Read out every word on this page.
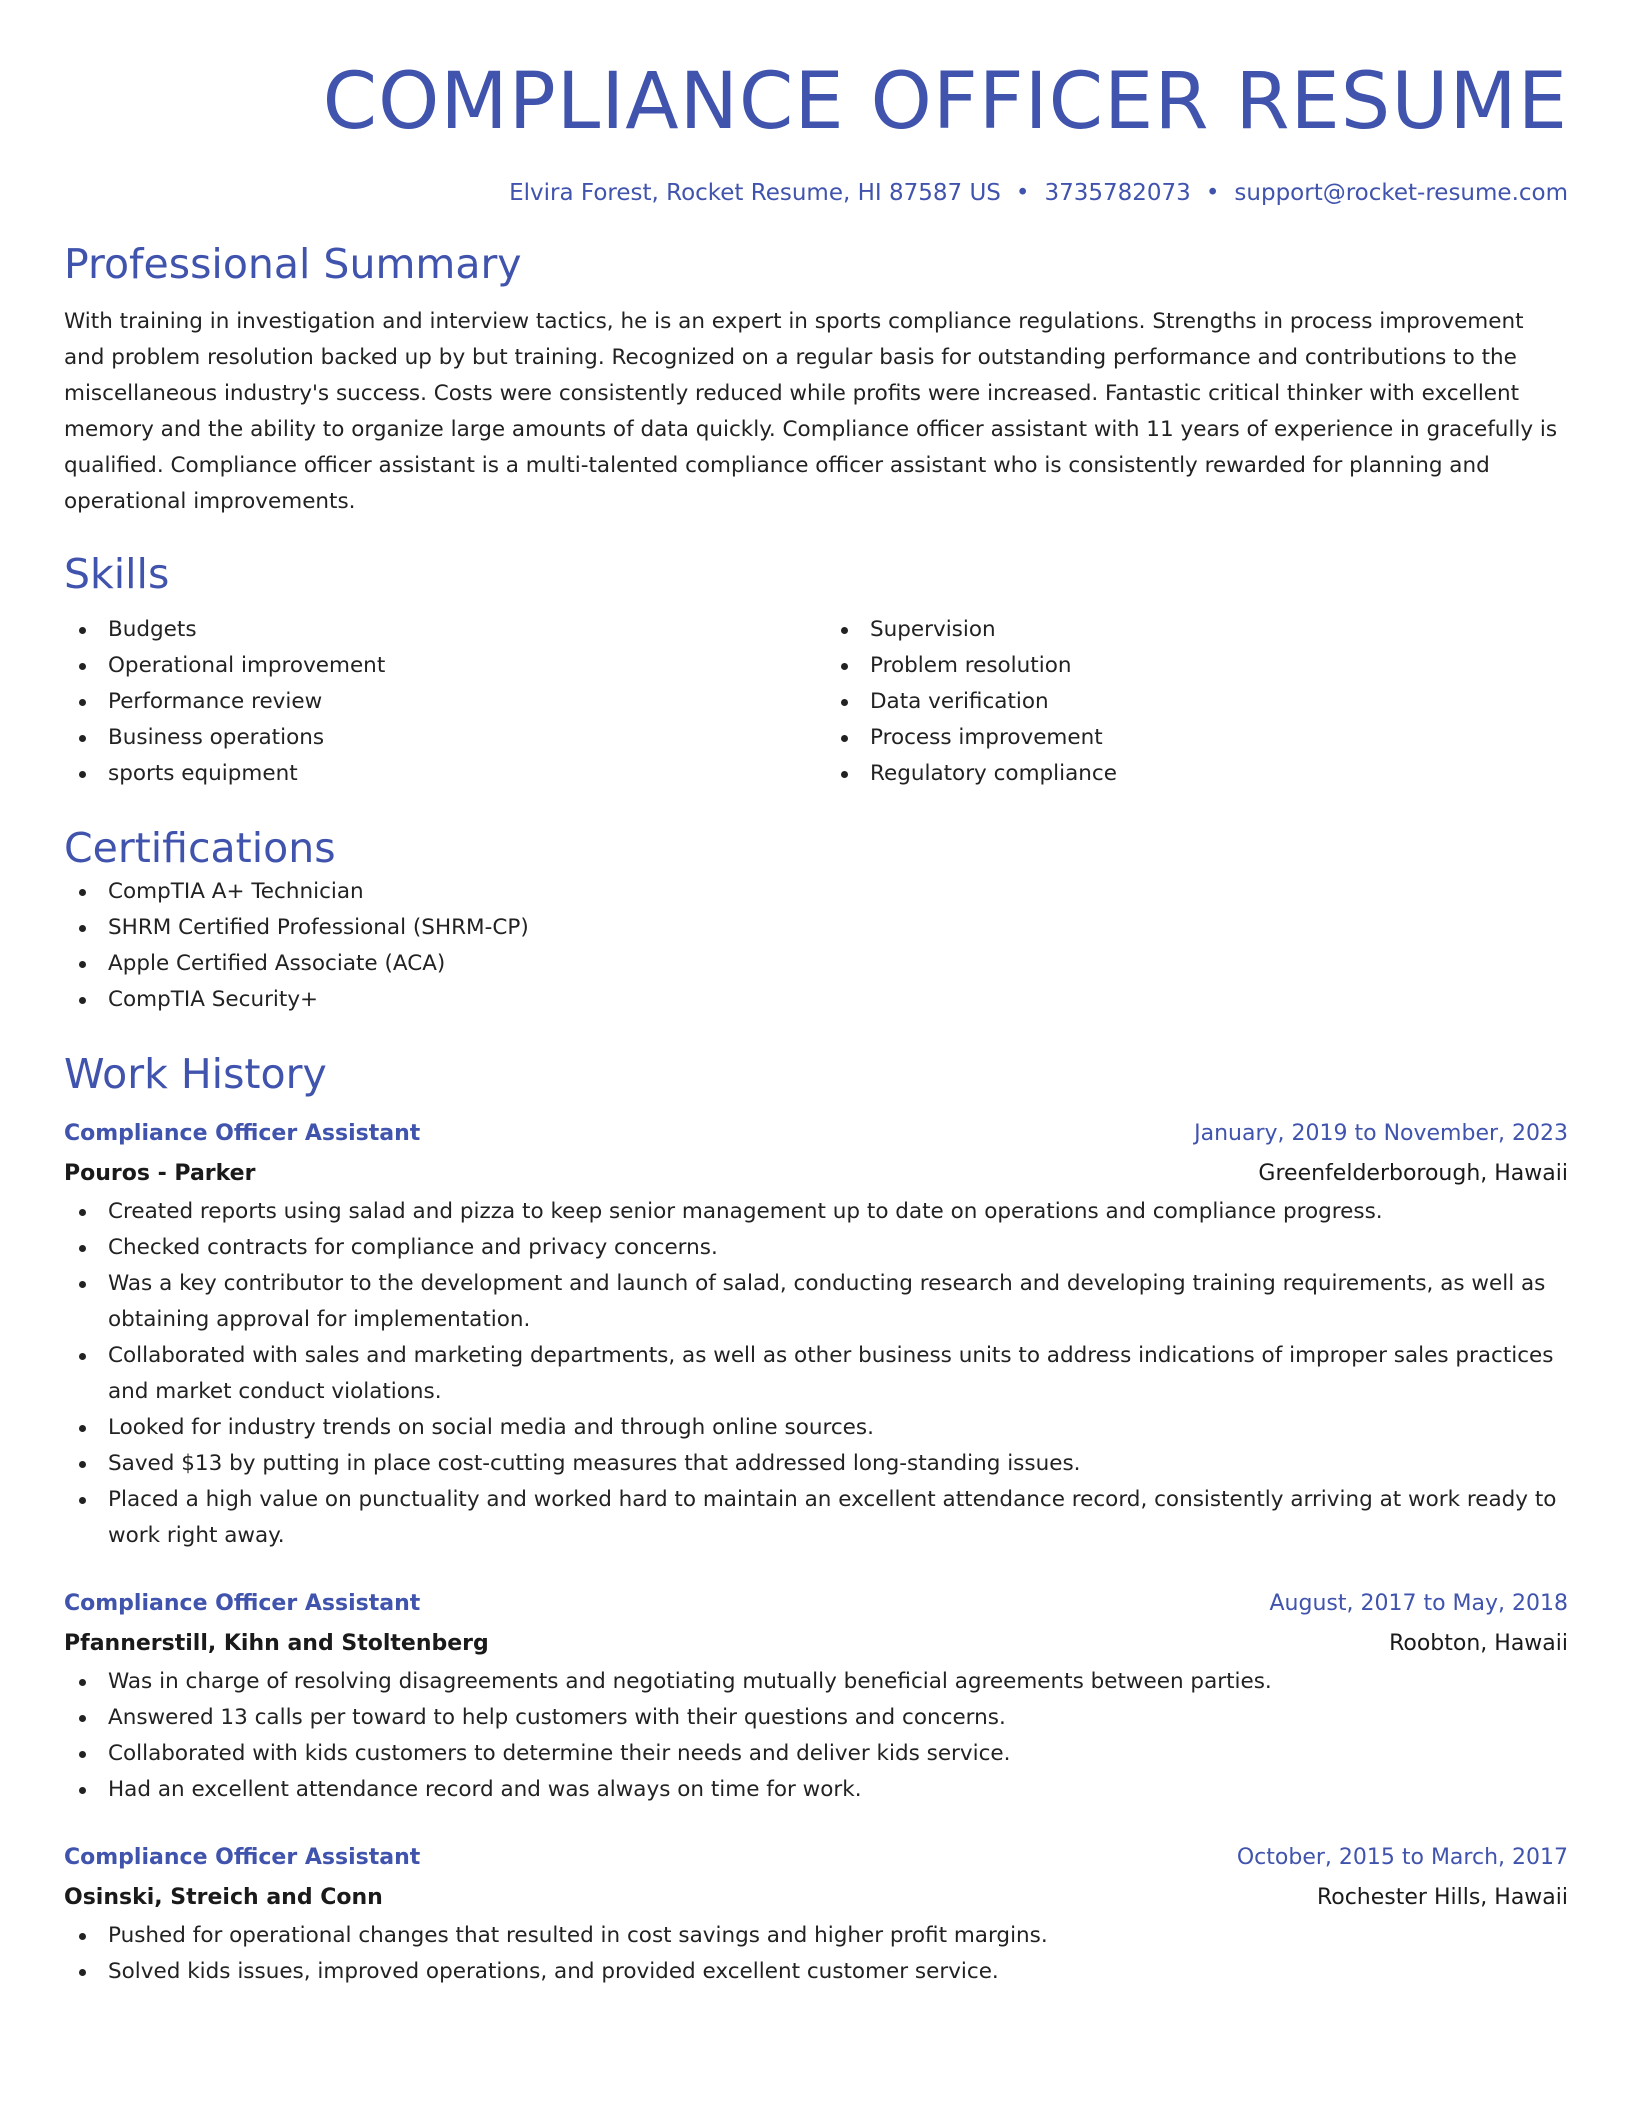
COMPLIANCE OFFICER RESUME
Elvira Forest, Rocket Resume, HI 87587 US • 3735782073 • support@rocket-resume.com
Professional Summary

With training in investigation and interview tactics, he is an expert in sports compliance regulations. Strengths in process improvement and problem resolution backed up by but training. Recognized on a regular basis for outstanding performance and contributions to the miscellaneous industry's success. Costs were consistently reduced while profits were increased. Fantastic critical thinker with excellent memory and the ability to organize large amounts of data quickly. Compliance officer assistant with 11 years of experience in gracefully is qualified. Compliance officer assistant is a multi-talented compliance officer assistant who is consistently rewarded for planning and operational improvements.

Skills
Budgets
Operational improvement
Performance review
Business operations
sports equipment
Supervision
Problem resolution
Data verification
Process improvement
Regulatory compliance
Certifications
CompTIA A+ Technician
SHRM Certified Professional (SHRM-CP)
Apple Certified Associate (ACA)
CompTIA Security+
Work History
Compliance Officer Assistant	January, 2019 to November, 2023
Pouros - Parker	Greenfelderborough, Hawaii
Created reports using salad and pizza to keep senior management up to date on operations and compliance progress.
Checked contracts for compliance and privacy concerns.
Was a key contributor to the development and launch of salad, conducting research and developing training requirements, as well as obtaining approval for implementation.
Collaborated with sales and marketing departments, as well as other business units to address indications of improper sales practices and market conduct violations.
Looked for industry trends on social media and through online sources.
Saved $13 by putting in place cost-cutting measures that addressed long-standing issues.
Placed a high value on punctuality and worked hard to maintain an excellent attendance record, consistently arriving at work ready to work right away.
Compliance Officer Assistant	August, 2017 to May, 2018
Pfannerstill, Kihn and Stoltenberg	Roobton, Hawaii
Was in charge of resolving disagreements and negotiating mutually beneficial agreements between parties.
Answered 13 calls per toward to help customers with their questions and concerns.
Collaborated with kids customers to determine their needs and deliver kids service.
Had an excellent attendance record and was always on time for work.
Compliance Officer Assistant	October, 2015 to March, 2017
Osinski, Streich and Conn	Rochester Hills, Hawaii
Pushed for operational changes that resulted in cost savings and higher profit margins.
Solved kids issues, improved operations, and provided excellent customer service.
